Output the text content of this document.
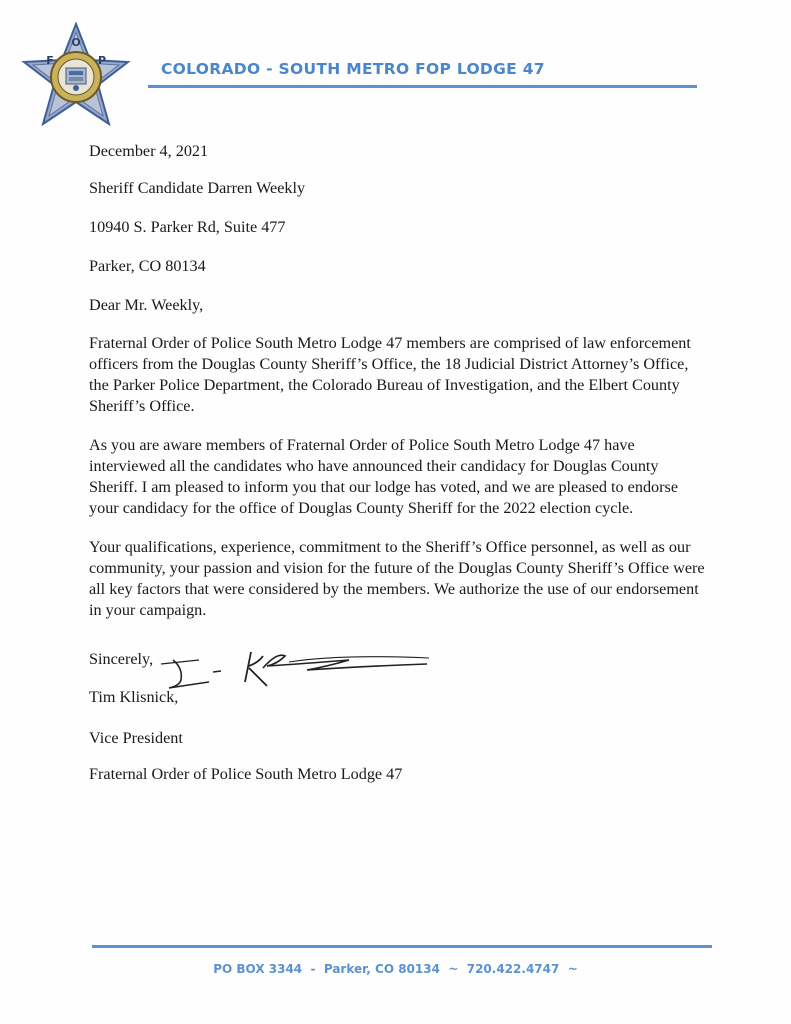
F
O
P	COLORADO - SOUTH METRO FOP LODGE 47

December 4, 2021

Sheriff Candidate Darren Weekly

10940 S. Parker Rd, Suite 477

Parker, CO 80134

Dear Mr. Weekly,

Fraternal Order of Police South Metro Lodge 47 members are comprised of law enforcement officers from the Douglas County Sheriff’s Office, the 18 Judicial District Attorney’s Office, the Parker Police Department, the Colorado Bureau of Investigation, and the Elbert County Sheriff’s Office.

As you are aware members of Fraternal Order of Police South Metro Lodge 47 have interviewed all the candidates who have announced their candidacy for Douglas County Sheriff. I am pleased to inform you that our lodge has voted, and we are pleased to endorse your candidacy for the office of Douglas County Sheriff for the 2022 election cycle.

Your qualifications, experience, commitment to the Sheriff’s Office personnel, as well as our community, your passion and vision for the future of the Douglas County Sheriff’s Office were all key factors that were considered by the members. We authorize the use of our endorsement in your campaign.

Sincerely,
Tim Klisnick,
Vice President
Fraternal Order of Police South Metro Lodge 47
PO BOX 3344  -  Parker, CO 80134  ~  720.422.4747  ~
